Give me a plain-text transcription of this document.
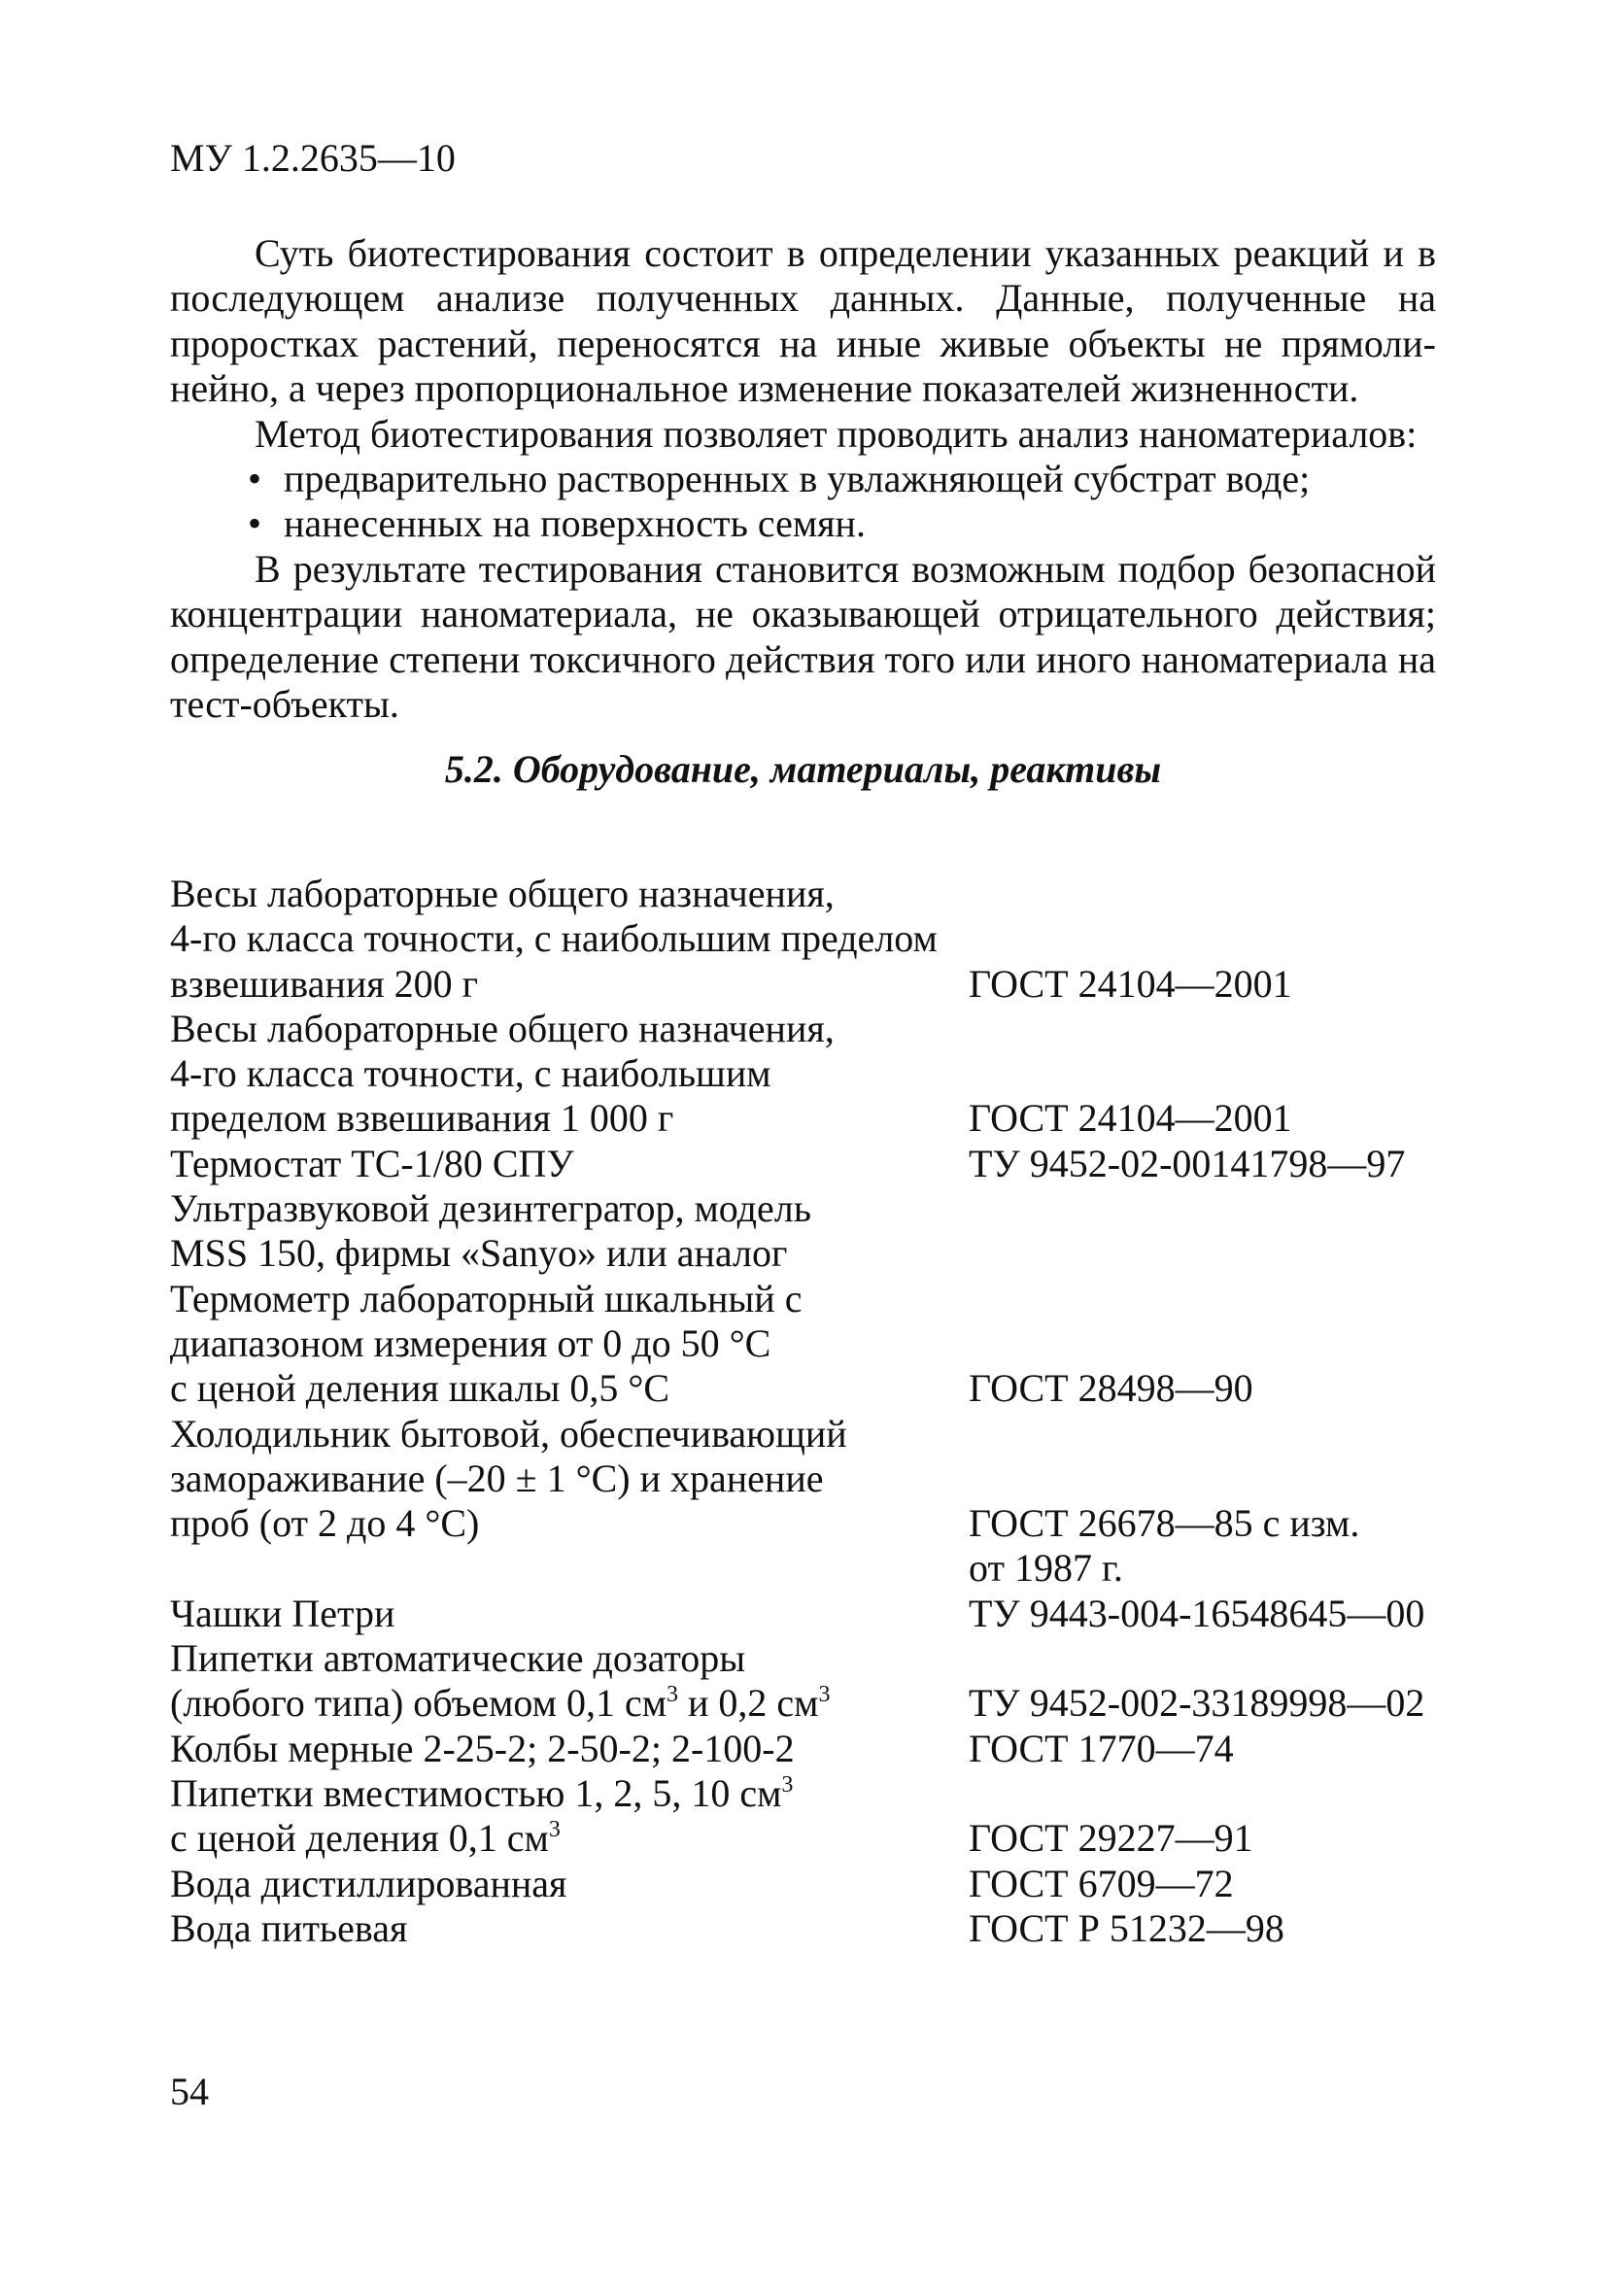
МУ 1.2.2635—10

Суть биотестирования состоит в определении указанных реакций и в последующем анализе полученных данных. Данные, полученные на проростках растений, переносятся на иные живые объекты не прямолинейно, а через пропорциональное изменение показателей жизненности.

Метод биотестирования позволяет проводить анализ наноматериалов:

• предварительно растворенных в увлажняющей субстрат воде;
• нанесенных на поверхность семян.

В результате тестирования становится возможным подбор безопасной концентрации наноматериала, не оказывающей отрицательного действия; определение степени токсичного действия того или иного наноматериала на тест-объекты.

5.2. Оборудование, материалы, реактивы

Весы лабораторные общего назначения,
4-го класса точности, с наибольшим пределом
взвешивания 200 г	ГОСТ 24104—2001
Весы лабораторные общего назначения,
4-го класса точности, с наибольшим
пределом взвешивания 1 000 г	ГОСТ 24104—2001
Термостат ТС-1/80 СПУ	ТУ 9452-02-00141798—97
Ультразвуковой дезинтегратор, модель
MSS 150, фирмы «Sanyo» или аналог
Термометр лабораторный шкальный с
диапазоном измерения от 0 до 50 °С
с ценой деления шкалы 0,5 °С	ГОСТ 28498—90
Холодильник бытовой, обеспечивающий
замораживание (–20 ± 1 °С) и хранение
проб (от 2 до 4 °С)
	ГОСТ 26678—85 с изм.
от 1987 г.
Чашки Петри	ТУ 9443-004-16548645—00
Пипетки автоматические дозаторы
(любого типа) объемом 0,1 $см^3$ и 0,2 $см^3$	ТУ 9452-002-33189998—02
Колбы мерные 2-25-2; 2-50-2; 2-100-2	ГОСТ 1770—74
Пипетки вместимостью 1, 2, 5, 10 $см^3$
с ценой деления 0,1 $см^3$	ГОСТ 29227—91
Вода дистиллированная	ГОСТ 6709—72
Вода питьевая	ГОСТ Р 51232—98
54
